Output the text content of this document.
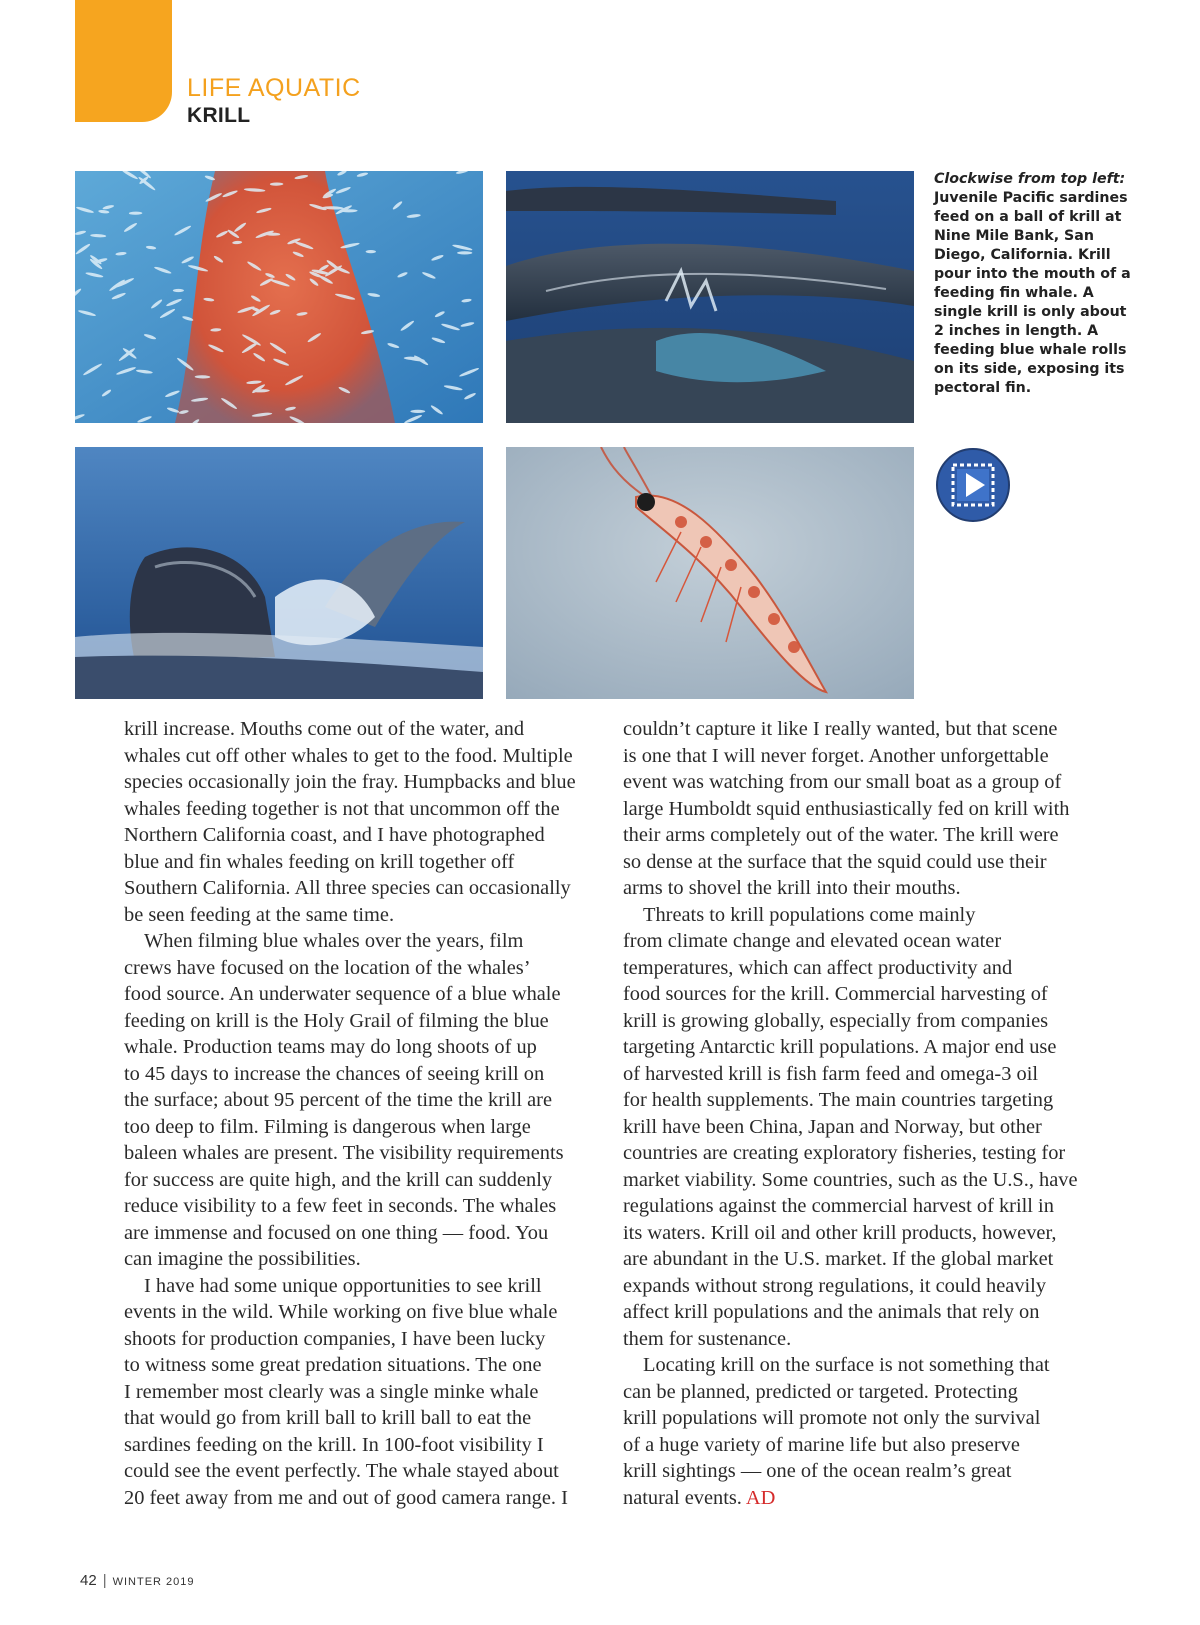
LIFE AQUATIC
KRILL
Clockwise from top left:
Juvenile Pacific sardines feed on a ball of krill at Nine Mile Bank, San Diego, California. Krill pour into the mouth of a feeding fin whale. A single krill is only about 2 inches in length. A feeding blue whale rolls on its side, exposing its pectoral fin.

krill increase. Mouths come out of the water, and
whales cut off other whales to get to the food. Multiple
species occasionally join the fray. Humpbacks and blue
whales feeding together is not that uncommon off the
Northern California coast, and I have photographed
blue and fin whales feeding on krill together off
Southern California. All three species can occasionally
be seen feeding at the same time.

When filming blue whales over the years, film
crews have focused on the location of the whales’
food source. An underwater sequence of a blue whale
feeding on krill is the Holy Grail of filming the blue
whale. Production teams may do long shoots of up
to 45 days to increase the chances of seeing krill on
the surface; about 95 percent of the time the krill are
too deep to film. Filming is dangerous when large
baleen whales are present. The visibility requirements
for success are quite high, and the krill can suddenly
reduce visibility to a few feet in seconds. The whales
are immense and focused on one thing — food. You
can imagine the possibilities.

I have had some unique opportunities to see krill
events in the wild. While working on five blue whale
shoots for production companies, I have been lucky
to witness some great predation situations. The one
I remember most clearly was a single minke whale
that would go from krill ball to krill ball to eat the
sardines feeding on the krill. In 100-foot visibility I
could see the event perfectly. The whale stayed about
20 feet away from me and out of good camera range. I

couldn’t capture it like I really wanted, but that scene
is one that I will never forget. Another unforgettable
event was watching from our small boat as a group of
large Humboldt squid enthusiastically fed on krill with
their arms completely out of the water. The krill were
so dense at the surface that the squid could use their
arms to shovel the krill into their mouths.

Threats to krill populations come mainly
from climate change and elevated ocean water
temperatures, which can affect productivity and
food sources for the krill. Commercial harvesting of
krill is growing globally, especially from companies
targeting Antarctic krill populations. A major end use
of harvested krill is fish farm feed and omega-3 oil
for health supplements. The main countries targeting
krill have been China, Japan and Norway, but other
countries are creating exploratory fisheries, testing for
market viability. Some countries, such as the U.S., have
regulations against the commercial harvest of krill in
its waters. Krill oil and other krill products, however,
are abundant in the U.S. market. If the global market
expands without strong regulations, it could heavily
affect krill populations and the animals that rely on
them for sustenance.

Locating krill on the surface is not something that
can be planned, predicted or targeted. Protecting
krill populations will promote not only the survival
of a huge variety of marine life but also preserve
krill sightings — one of the ocean realm’s great
natural events. AD

42 | WINTER 2019
